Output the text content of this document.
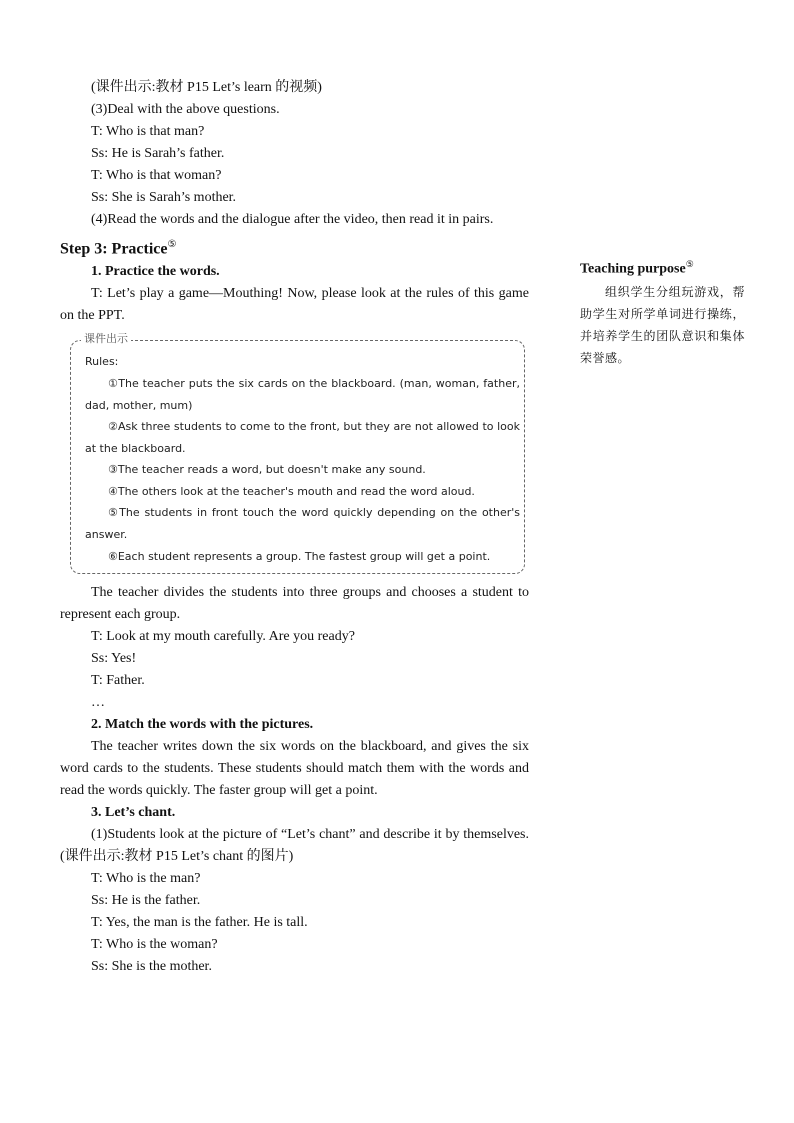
(课件出示:教材 P15 Let’s learn 的视频)

(3)Deal with the above questions.

T: Who is that man?

Ss: He is Sarah’s father.

T: Who is that woman?

Ss: She is Sarah’s mother.

(4)Read the words and the dialogue after the video, then read it in pairs.

Step 3: Practice⑤

1. Practice the words.

T: Let’s play a game—Mouthing! Now, please look at the rules of this game on the PPT.

课件出示

Rules:

①The teacher puts the six cards on the blackboard. (man, woman, father, dad, mother, mum)

②Ask three students to come to the front, but they are not allowed to look at the blackboard.

③The teacher reads a word, but doesn't make any sound.

④The others look at the teacher's mouth and read the word aloud.

⑤The students in front touch the word quickly depending on the other's answer.

⑥Each student represents a group. The fastest group will get a point.

The teacher divides the students into three groups and chooses a student to represent each group.

T: Look at my mouth carefully. Are you ready?

Ss: Yes!

T: Father.

…

2. Match the words with the pictures.

The teacher writes down the six words on the blackboard, and gives the six word cards to the students. These students should match them with the words and read the words quickly. The faster group will get a point.

3. Let’s chant.

(1)Students look at the picture of “Let’s chant” and describe it by themselves. (课件出示:教材 P15 Let’s chant 的图片)

T: Who is the man?

Ss: He is the father.

T: Yes, the man is the father. He is tall.

T: Who is the woman?

Ss: She is the mother.

Teaching purpose⑤

组织学生分组玩游戏，帮助学生对所学单词进行操练，并培养学生的团队意识和集体荣誉感。
